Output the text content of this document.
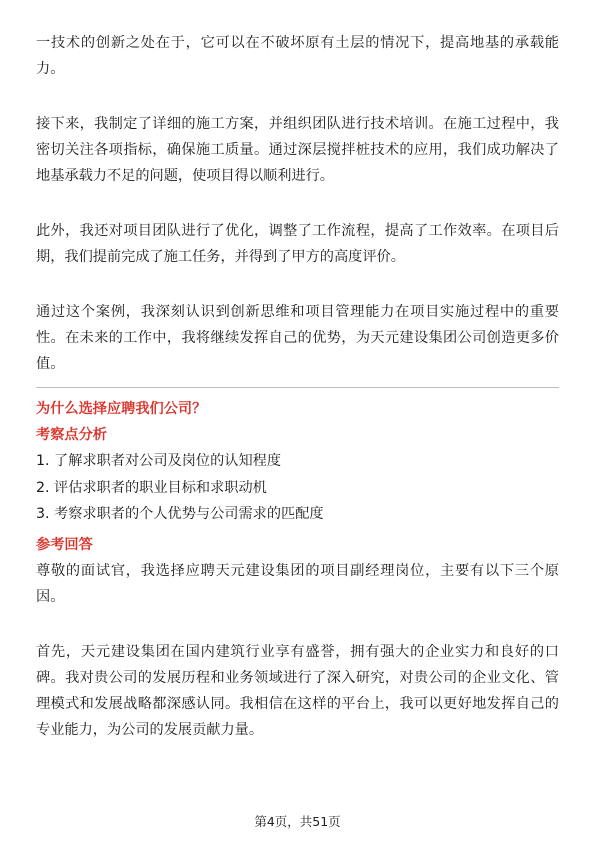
一技术的创新之处在于，它可以在不破坏原有土层的情况下，提高地基的承载能力。

接下来，我制定了详细的施工方案，并组织团队进行技术培训。在施工过程中，我密切关注各项指标，确保施工质量。通过深层搅拌桩技术的应用，我们成功解决了地基承载力不足的问题，使项目得以顺利进行。

此外，我还对项目团队进行了优化，调整了工作流程，提高了工作效率。在项目后期，我们提前完成了施工任务，并得到了甲方的高度评价。

通过这个案例，我深刻认识到创新思维和项目管理能力在项目实施过程中的重要性。在未来的工作中，我将继续发挥自己的优势，为天元建设集团公司创造更多价值。

为什么选择应聘我们公司？

考察点分析

1. 了解求职者对公司及岗位的认知程度

2. 评估求职者的职业目标和求职动机

3. 考察求职者的个人优势与公司需求的匹配度

参考回答

尊敬的面试官，我选择应聘天元建设集团的项目副经理岗位，主要有以下三个原因。

首先，天元建设集团在国内建筑行业享有盛誉，拥有强大的企业实力和良好的口碑。我对贵公司的发展历程和业务领域进行了深入研究，对贵公司的企业文化、管理模式和发展战略都深感认同。我相信在这样的平台上，我可以更好地发挥自己的专业能力，为公司的发展贡献力量。

第4页，共51页
